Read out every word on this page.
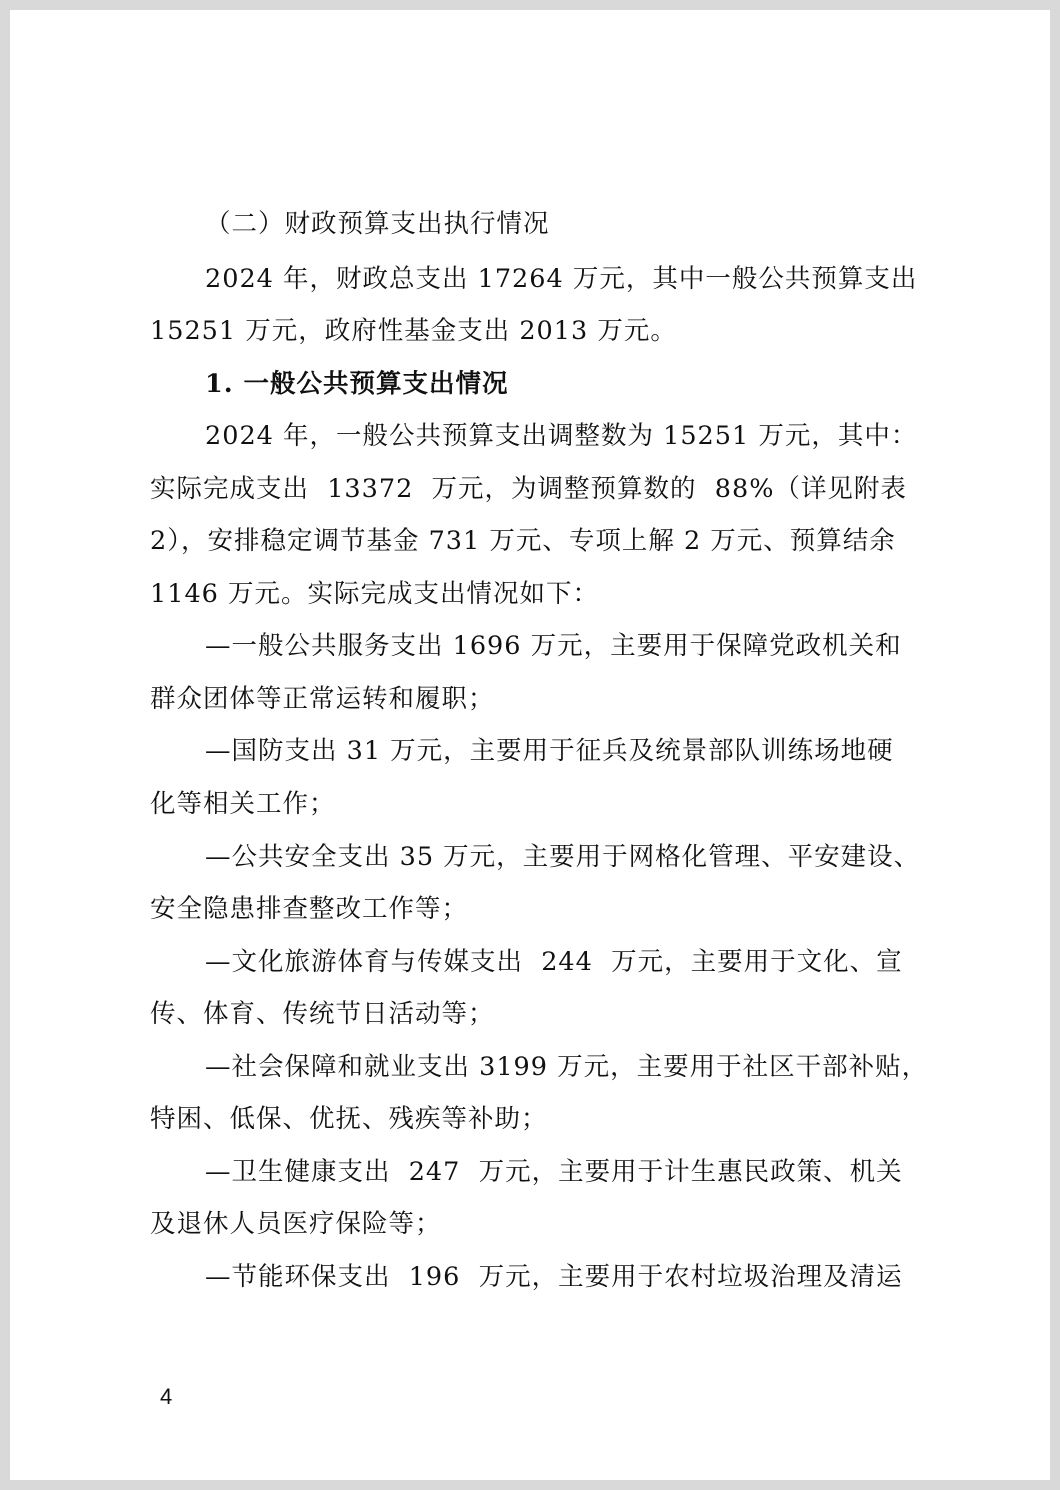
（二）财政预算支出执行情况
2024 年，财政总支出 17264 万元，其中一般公共预算支出
15251 万元，政府性基金支出 2013 万元。
1. 一般公共预算支出情况
2024 年，一般公共预算支出调整数为 15251 万元，其中：
实际完成支出  13372  万元，为调整预算数的  88%（详见附表
2），安排稳定调节基金 731 万元、专项上解 2 万元、预算结余
1146 万元。实际完成支出情况如下：
—一般公共服务支出 1696 万元，主要用于保障党政机关和
群众团体等正常运转和履职；
—国防支出 31 万元，主要用于征兵及统景部队训练场地硬
化等相关工作；
—公共安全支出 35 万元，主要用于网格化管理、平安建设、
安全隐患排查整改工作等；
—文化旅游体育与传媒支出  244  万元，主要用于文化、宣
传、体育、传统节日活动等；
—社会保障和就业支出 3199 万元，主要用于社区干部补贴，
特困、低保、优抚、残疾等补助；
—卫生健康支出  247  万元，主要用于计生惠民政策、机关
及退休人员医疗保险等；
—节能环保支出  196  万元，主要用于农村垃圾治理及清运
4
